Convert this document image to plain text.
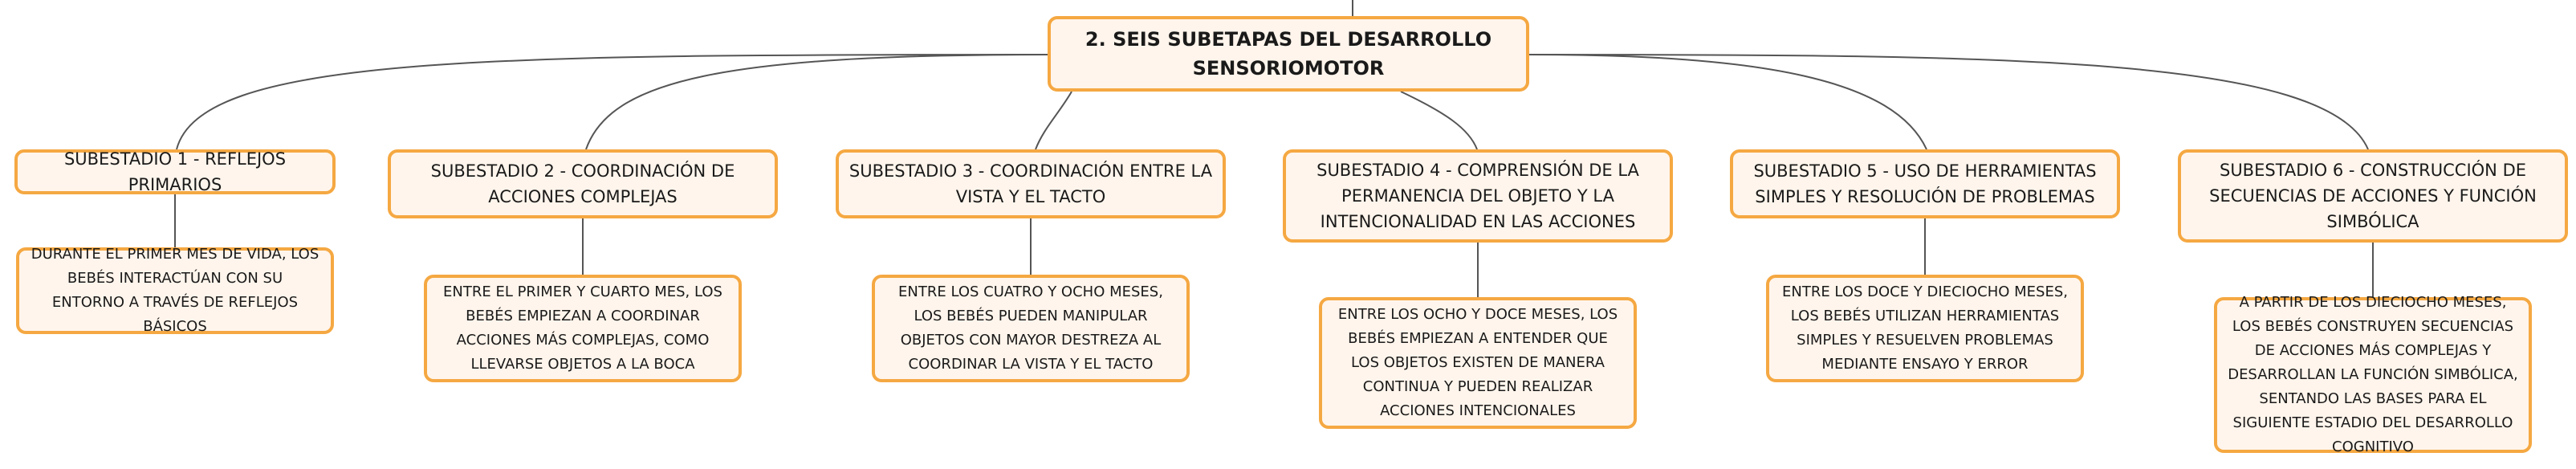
2. SEIS SUBETAPAS DEL DESARROLLO SENSORIOMOTOR
SUBESTADIO 1 - REFLEJOS PRIMARIOS
SUBESTADIO 2 - COORDINACIÓN DE ACCIONES COMPLEJAS
SUBESTADIO 3 - COORDINACIÓN ENTRE LA VISTA Y EL TACTO
SUBESTADIO 4 - COMPRENSIÓN DE LA PERMANENCIA DEL OBJETO Y LA INTENCIONALIDAD EN LAS ACCIONES
SUBESTADIO 5 - USO DE HERRAMIENTAS SIMPLES Y RESOLUCIÓN DE PROBLEMAS
SUBESTADIO 6 - CONSTRUCCIÓN DE SECUENCIAS DE ACCIONES Y FUNCIÓN SIMBÓLICA
DURANTE EL PRIMER MES DE VIDA, LOS BEBÉS INTERACTÚAN CON SU ENTORNO A TRAVÉS DE REFLEJOS BÁSICOS
ENTRE EL PRIMER Y CUARTO MES, LOS BEBÉS EMPIEZAN A COORDINAR ACCIONES MÁS COMPLEJAS, COMO LLEVARSE OBJETOS A LA BOCA
ENTRE LOS CUATRO Y OCHO MESES, LOS BEBÉS PUEDEN MANIPULAR OBJETOS CON MAYOR DESTREZA AL COORDINAR LA VISTA Y EL TACTO
ENTRE LOS OCHO Y DOCE MESES, LOS BEBÉS EMPIEZAN A ENTENDER QUE LOS OBJETOS EXISTEN DE MANERA CONTINUA Y PUEDEN REALIZAR ACCIONES INTENCIONALES
ENTRE LOS DOCE Y DIECIOCHO MESES, LOS BEBÉS UTILIZAN HERRAMIENTAS SIMPLES Y RESUELVEN PROBLEMAS MEDIANTE ENSAYO Y ERROR
A PARTIR DE LOS DIECIOCHO MESES, LOS BEBÉS CONSTRUYEN SECUENCIAS DE ACCIONES MÁS COMPLEJAS Y DESARROLLAN LA FUNCIÓN SIMBÓLICA, SENTANDO LAS BASES PARA EL SIGUIENTE ESTADIO DEL DESARROLLO COGNITIVO
